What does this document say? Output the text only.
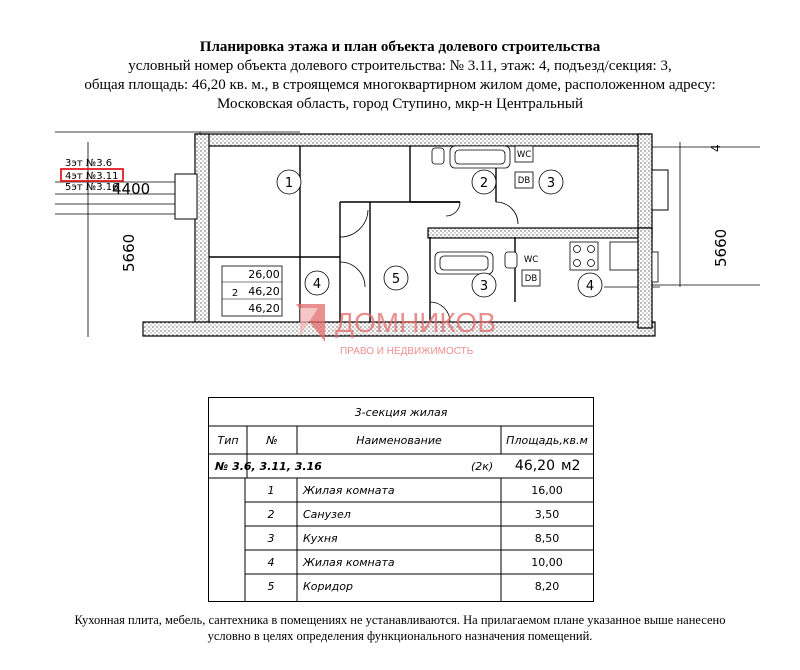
Планировка этажа и план объекта долевого строительства
условный номер объекта долевого строительства: № 3.11, этаж: 4, подъезд/секция: 3,
общая площадь: 46,20 кв. м., в строящемся многоквартирном жилом доме, расположенном адресу:
Московская область, город Ступино, мкр-н Центральный
3эт №3.6
4эт №3.11
5эт №3.16
4400
5660	5660
4
1	2	3
4	5	3	4
WC
DB
WC
DB
2
26,00
46,20
46,20 ДОМНИКОВ
ПРАВО И НЕДВИЖИМОСТЬ
3-секция жилая
Тип	№	Наименование	Площадь,кв.м
№ 3.6, 3.11, 3.16	(2к)	46,20 м2
1	Жилая комната	16,00
2	Санузел	3,50
3	Кухня	8,50
4	Жилая комната	10,00
5	Коридор	8,20
Кухонная плита, мебель, сантехника в помещениях не устанавливаются. На прилагаемом плане указанное выше нанесено
условно в целях определения функционального назначения помещений.
